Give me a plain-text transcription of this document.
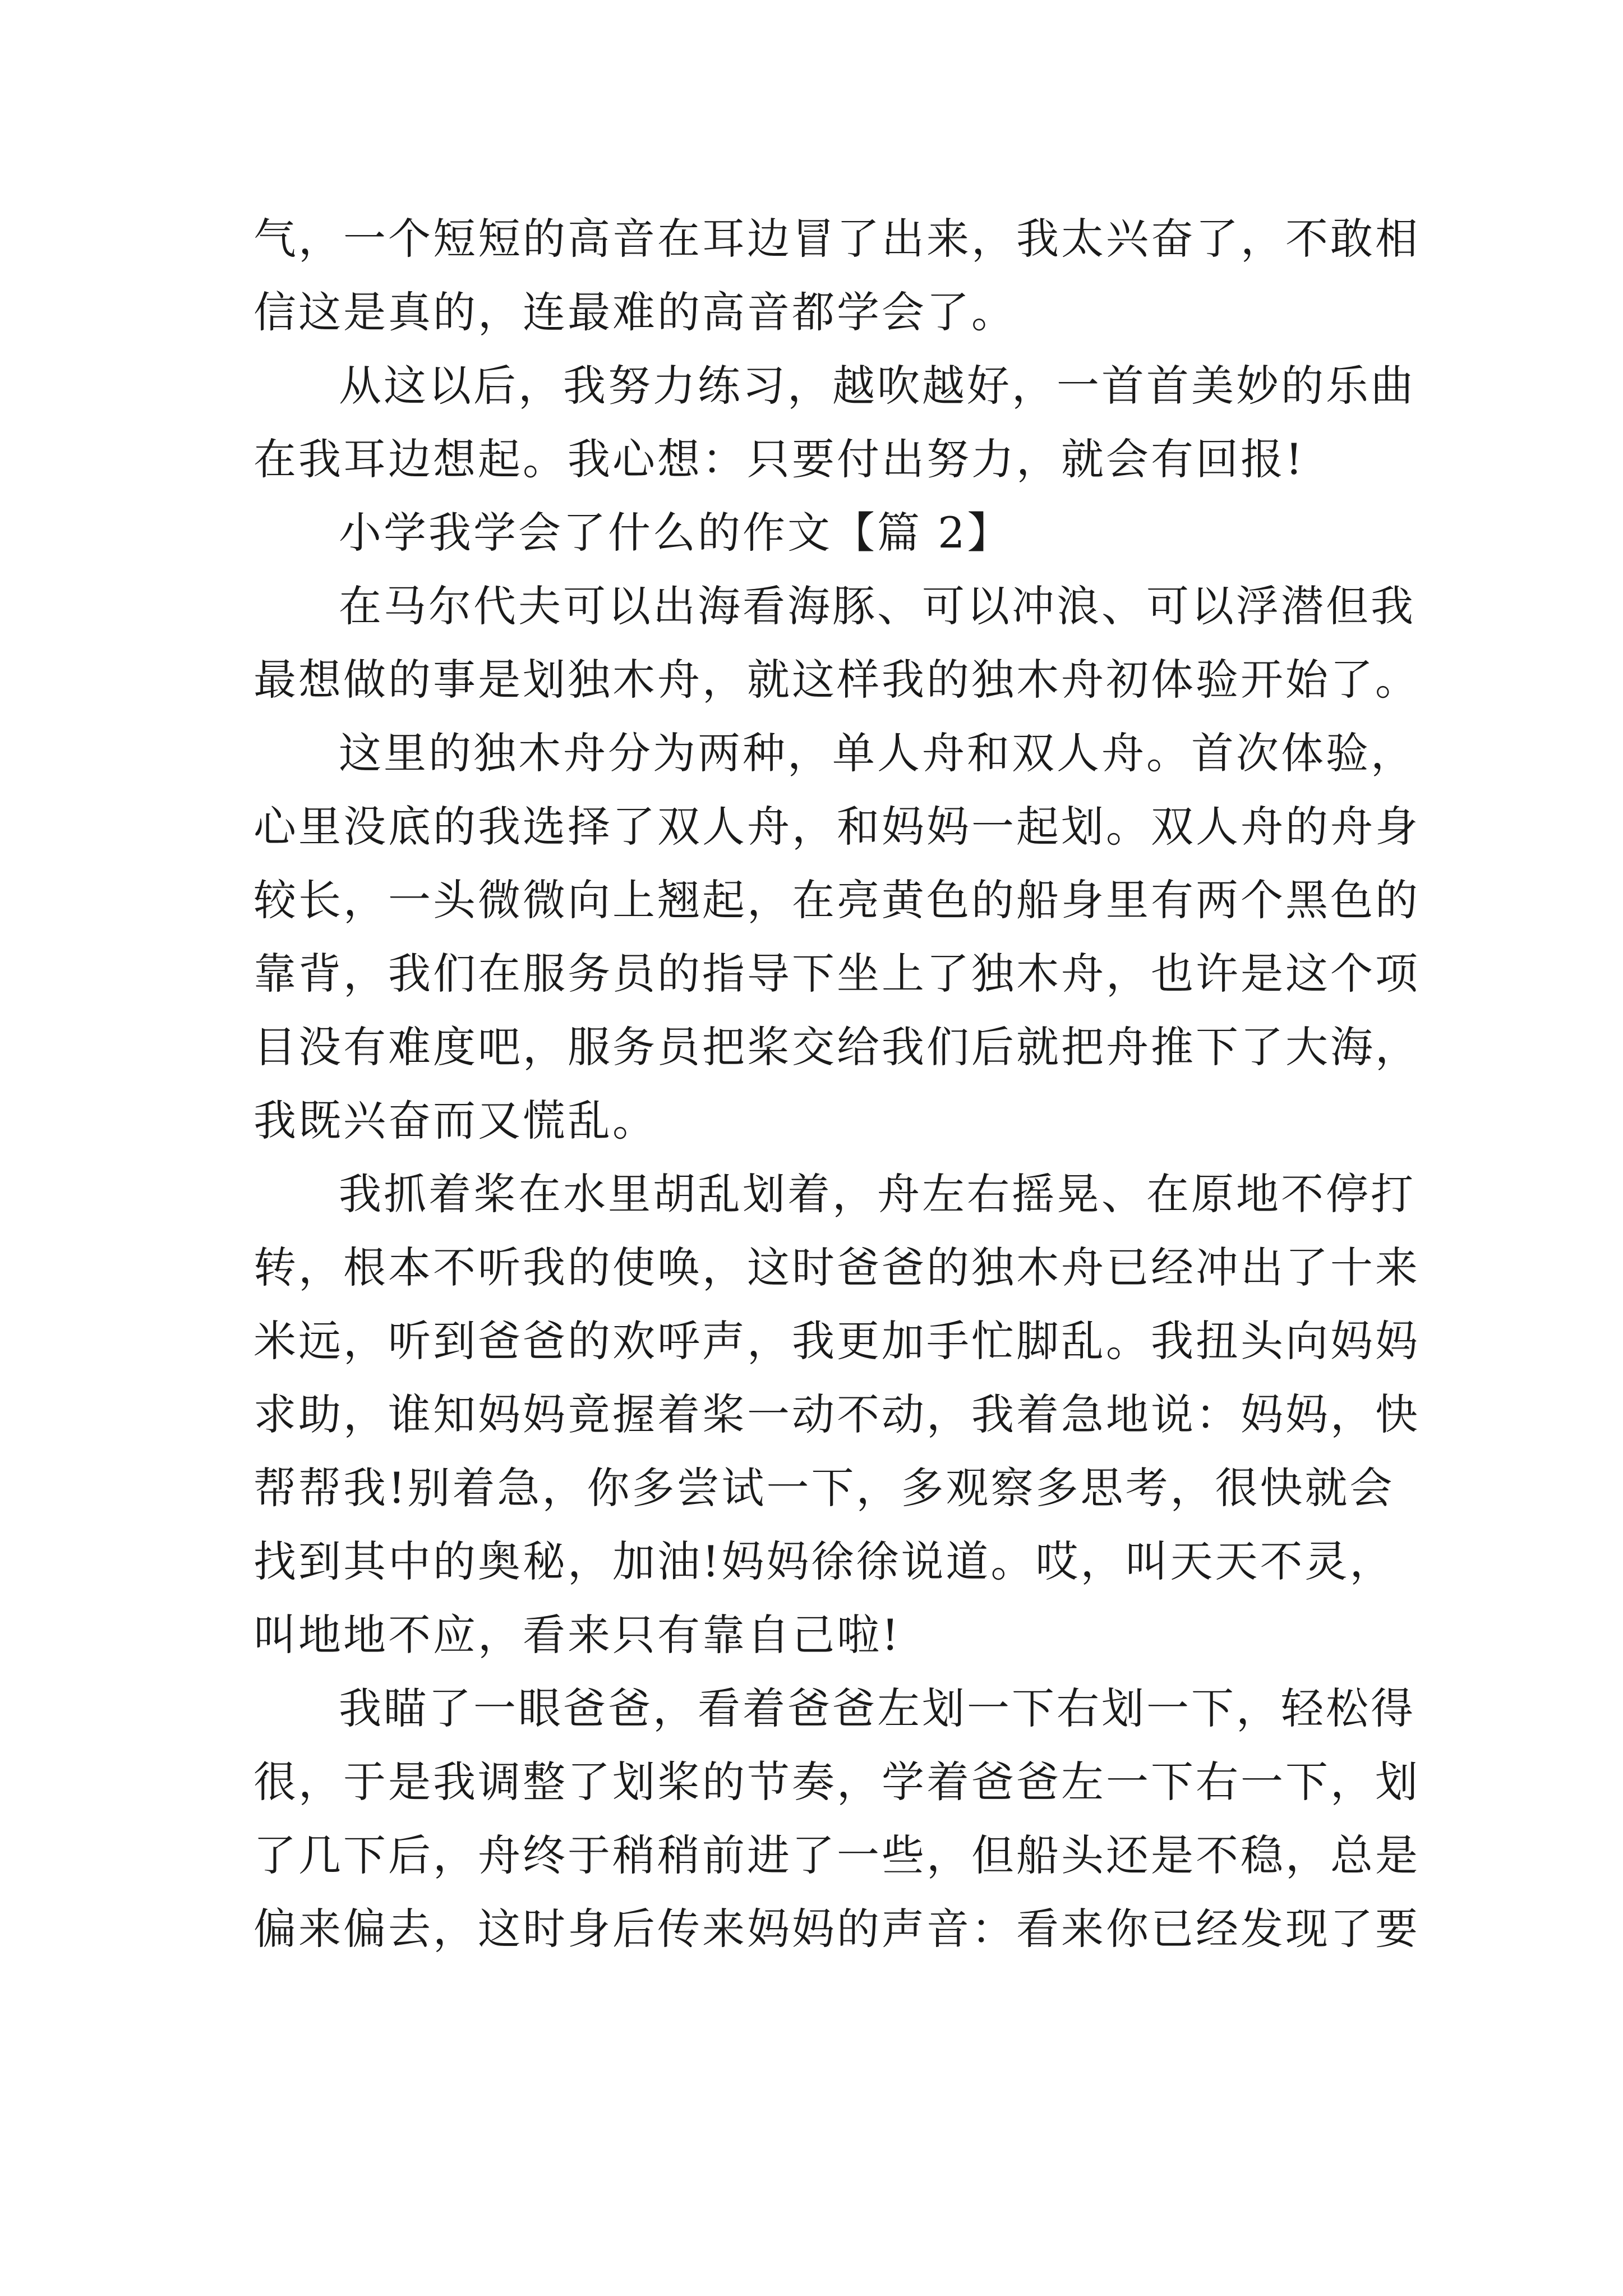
气，一个短短的高音在耳边冒了出来，我太兴奋了，不敢相
信这是真的，连最难的高音都学会了。
从这以后，我努力练习，越吹越好，一首首美妙的乐曲
在我耳边想起。我心想：只要付出努力，就会有回报!
小学我学会了什么的作文【篇 2】
在马尔代夫可以出海看海豚、可以冲浪、可以浮潜但我
最想做的事是划独木舟，就这样我的独木舟初体验开始了。
这里的独木舟分为两种，单人舟和双人舟。首次体验，
心里没底的我选择了双人舟，和妈妈一起划。双人舟的舟身
较长，一头微微向上翘起，在亮黄色的船身里有两个黑色的
靠背，我们在服务员的指导下坐上了独木舟，也许是这个项
目没有难度吧，服务员把桨交给我们后就把舟推下了大海，
我既兴奋而又慌乱。
我抓着桨在水里胡乱划着，舟左右摇晃、在原地不停打
转，根本不听我的使唤，这时爸爸的独木舟已经冲出了十来
米远，听到爸爸的欢呼声，我更加手忙脚乱。我扭头向妈妈
求助，谁知妈妈竟握着桨一动不动，我着急地说：妈妈，快
帮帮我!别着急，你多尝试一下，多观察多思考，很快就会
找到其中的奥秘，加油!妈妈徐徐说道。哎，叫天天不灵，
叫地地不应，看来只有靠自己啦!
我瞄了一眼爸爸，看着爸爸左划一下右划一下，轻松得
很，于是我调整了划桨的节奏，学着爸爸左一下右一下，划
了几下后，舟终于稍稍前进了一些，但船头还是不稳，总是
偏来偏去，这时身后传来妈妈的声音：看来你已经发现了要
